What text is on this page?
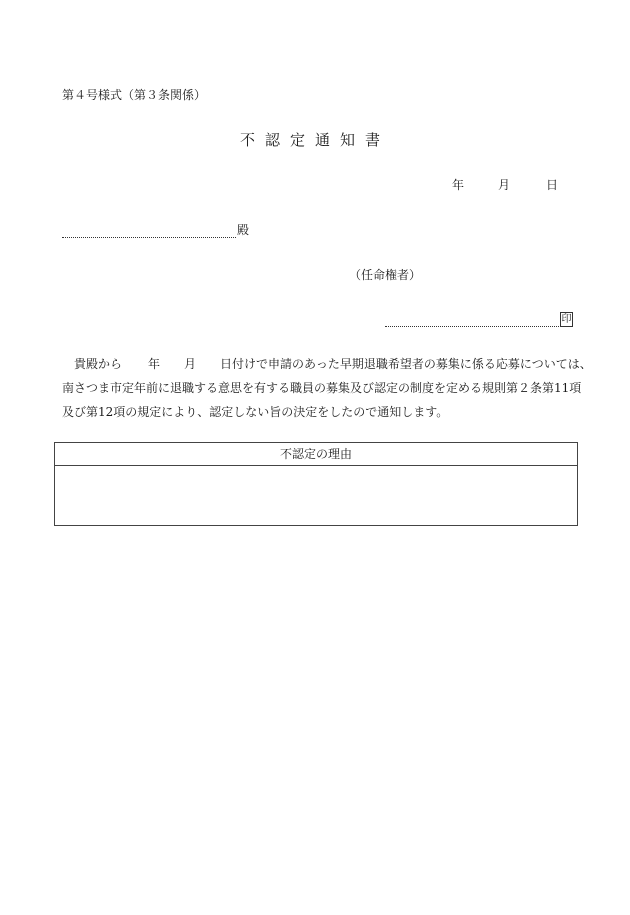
第４号様式（第３条関係）
不認定通知書
年	月	日
殿
（任命権者）
印
貴殿から 年 月 日付けで申請のあった早期退職希望者の募集に係る応募については、
南さつま市定年前に退職する意思を有する職員の募集及び認定の制度を定める規則第２条第11項
及び第12項の規定により、認定しない旨の決定をしたので通知します。
不認定の理由
